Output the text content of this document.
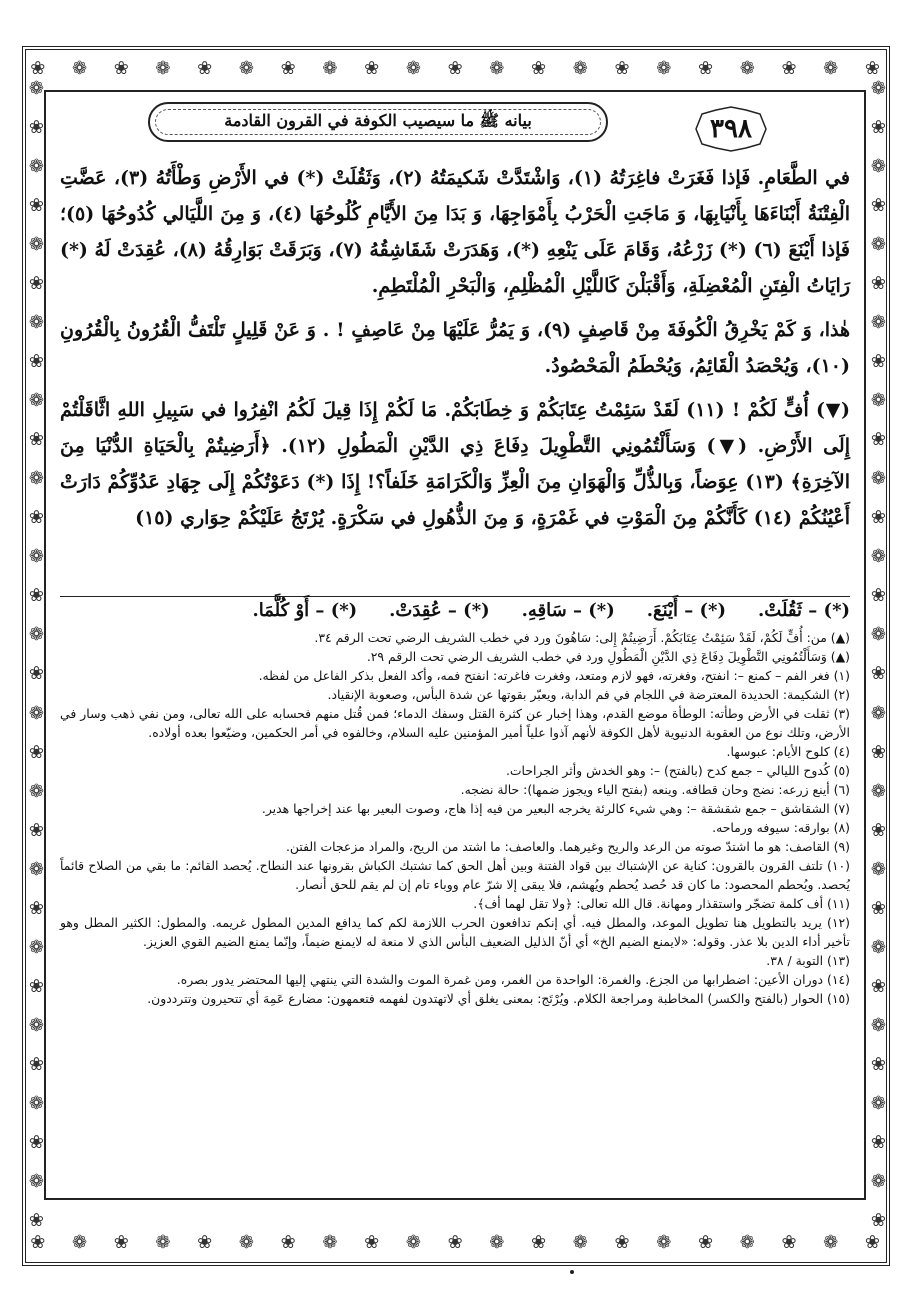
❀
❁
❀
❁
❀
❁
❀
❁
❀
❁
❀
❁
❀
❁
❀
❁
❀
❁
❀
❁
❀
❀
❁
❀
❁
❀
❁
❀
❁
❀
❁
❀
❁
❀
❁
❀
❁
❀
❁
❀
❁
❀
❁
❀
❁
❀
❁
❀
❁
❀
❁
❀
❁
❀
❁
❀
❁
❀
❁
❀
❁
❀
❁
❀
❁
❀
❁
❀
❁
❀
❁
❀
❁
❀
❁
❀
❁
❀
❁
❀
❁
❀
❁
❀
❁
❀
❁
❀
❁
❀
❁
❀
❁
❀
❁
❀
❁
❀
❁
❀
❁
❀
٣٩٨
بيانه ﷺ ما سيصيب الكوفة في القرون القادمة

في الطَّعَامِ. فَإذا فَغَرَتْ فاغِرَتُهُ (١)، وَاشْتَدَّتْ شَكيمَتُهُ (٢)، وَثَقُلَتْ (*) في الأَرْضِ وَطْأَتُهُ (٣)، عَضَّتِ الْفِتْنَةُ أَبْنَاءَهَا بِأَنْيَابِهَا، وَ مَاجَتِ الْحَرْبُ بِأَمْوَاجِهَا، وَ بَدَا مِنَ الأَيَّامِ كُلُوحُهَا (٤)، وَ مِنَ اللَّيَالي كُدُوحُهَا (٥)؛ فَإذا أَيْنَعَ (٦) (*) زَرْعُهُ، وَقَامَ عَلَى يَنْعِهِ (*)، وَهَدَرَتْ شَقَاشِقُهُ (٧)، وَبَرَقَتْ بَوَارِقُهُ (٨)، عُقِدَتْ لَهُ (*) رَايَاتُ الْفِتَنِ الْمُعْضِلَةِ، وَأَقْبَلْنَ كَاللَّيْلِ الْمُظْلِمِ، وَالْبَحْرِ الْمُلْتَطِمِ.

هٰذا، وَ كَمْ يَخْرِقُ الْكُوفَةَ مِنْ قَاصِفٍ (٩)، وَ يَمُرُّ عَلَيْهَا مِنْ عَاصِفٍ ! . وَ عَنْ قَلِيلٍ تَلْتَفُّ الْقُرُونُ بِالْقُرُونِ (١٠)، وَيُحْصَدُ الْقَائِمُ، وَيُحْطَمُ الْمَحْصُودُ.

(▼) أُفٍّ لَكُمْ ! (١١) لَقَدْ سَئِمْتُ عِتَابَكُمْ وَ خِطَابَكُمْ. مَا لَكُمْ إِذَا قِيلَ لَكُمُ انْفِرُوا في سَبِيلِ اللهِ اثَّاقَلْتُمْ إِلَى الأَرْضِ. (▼) وَسَأَلْتُمُونِي التَّطْوِيلَ دِفَاعَ ذِي الدَّيْنِ الْمَطُولِ (١٢). ﴿أَرَضِيتُمْ بِالْحَيَاةِ الدُّنْيَا مِنَ الآخِرَةِ﴾ (١٣) عِوَضاً، وَبِالذُّلِّ وَالْهَوَانِ مِنَ الْعِزِّ وَالْكَرَامَةِ خَلَفاً؟! إِذَا (*) دَعَوْتُكُمْ إِلَى جِهَادِ عَدُوِّكُمْ دَارَتْ أَعْيُنُكُمْ (١٤) كَأَنَّكُمْ مِنَ الْمَوْتِ في غَمْرَةٍ، وَ مِنَ الذُّهُولِ في سَكْرَةٍ. يُرْتَجُ عَلَيْكُمْ حِوَاري (١٥)

(*) – ثَقُلَتْ.
(*) – أَيْنَعَ.
(*) – سَاقِهِ.
(*) – عُقِدَتْ.
(*) – أَوْ كُلَّمَا.

(▲) من: أُفٍّ لَكُمْ، لَقَدْ سَئِمْتُ عِتَابَكُمْ. أَرَضِيتُمْ إِلى: سَاهُونَ ورد في خطب الشريف الرضي تحت الرقم ٣٤.

(▲) وَسَأَلْتُمُونِي التَّطْوِيلَ دِفَاعَ ذِي الدَّيْنِ الْمَطُولِ ورد في خطب الشريف الرضي تحت الرقم ٢٩.

(١) فغر الفم – كمنع –: انفتح، وفغرته، فهو لازم ومتعد، وفغرت فاغرته: انفتح فمه، وأكد الفعل بذكر الفاعل من لفظه.

(٢) الشكيمة: الحديدة المعترضة في اللجام في فم الدابة، ويعبّر بقوتها عن شدة البأس، وصعوبة الإنقياد.

(٣) ثقلت في الأرض وطأته: الوطأة موضع القدم، وهذا إخبار عن كثرة القتل وسفك الدماء؛ فمن قُتل منهم فحسابه على الله تعالى، ومن نفي ذهب وسار في الأرض، وتلك نوع من العقوبة الدنيوية لأهل الكوفة لأنهم آذوا علياً أمير المؤمنين عليه السلام، وخالفوه في أمر الحكمين، وضيّعوا بعده أولاده.

(٤) كلوح الأيام: عبوسها.

(٥) كُدوح الليالي – جمع كدح (بالفتح) –: وهو الخدش وأثر الجراحات.

(٦) أينع زرعه: نضج وحان قطافه. وينعه (بفتح الياء ويجوز ضمها): حالة نضجه.

(٧) الشقاشق – جمع شقشقة –: وهي شيء كالرئة يخرجه البعير من فيه إذا هاج، وصوت البعير بها عند إخراجها هدير.

(٨) بوارقه: سيوفه ورماحه.

(٩) القاصف: هو ما اشتدّ صوته من الرعد والريح وغيرهما. والعاصف: ما اشتد من الريح، والمراد مزعجات الفتن.

(١٠) تلتف القرون بالقرون: كناية عن الإشتباك بين قواد الفتنة وبين أهل الحق كما تشتبك الكباش بقرونها عند النطاح. يُحصد القائم: ما بقي من الصلاح قائماً يُحصد. ويُحطم المحصود: ما كان قد حُصد يُحطم ويُهشم، فلا يبقى إلا شرّ عام ووباء تام إن لم يقم للحق أنصار.

(١١) أف كلمة تضجّر واستقذار ومهانة. قال الله تعالى: ﴿ولا تقل لهما أف﴾.

(١٢) يريد بالتطويل هنا تطويل الموعد، والمطل فيه. أي إنكم تدافعون الحرب اللازمة لكم كما يدافع المدين المطول غريمه. والمطول: الكثير المطل وهو تأخير أداء الدين بلا عذر. وقوله: «لايمنع الضيم الخ» أي أنّ الذليل الضعيف البأس الذي لا منعة له لايمنع ضيماً، وإنّما يمنع الضيم القوي العزيز.

(١٣) التوبة / ٣٨.

(١٤) دوران الأعين: اضطرابها من الجزع. والغمرة: الواحدة من الغمر، ومن غمرة الموت والشدة التي ينتهي إليها المحتضر يدور بصره.

(١٥) الحوار (بالفتح والكسر) المخاطبة ومراجعة الكلام. ويُرْتَج: بمعنى يغلق أي لاتهتدون لفهمه فتعمهون: مضارع عَمِهَ أي تتحيرون وتترددون.
